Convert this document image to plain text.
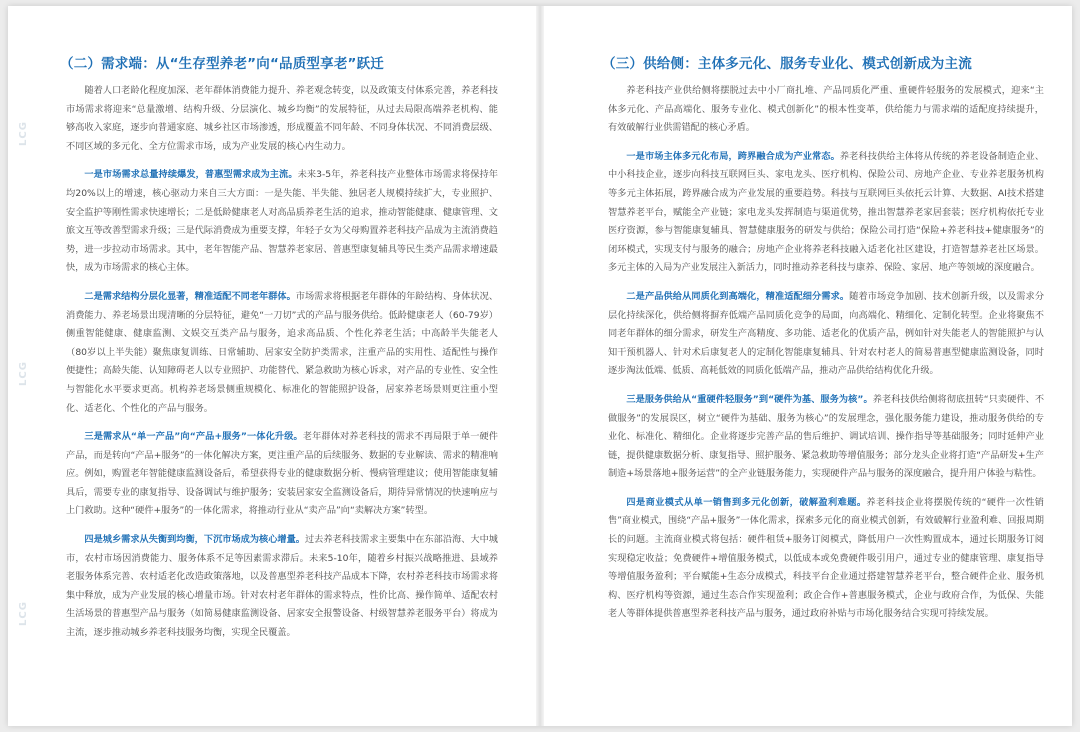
LCG
LCG
LCG
（二）需求端：从“生存型养老”向“品质型享老”跃迁

随着人口老龄化程度加深、老年群体消费能力提升、养老观念转变，以及政策支付体系完善，养老科技市场需求将迎来“总量激增、结构升级、分层演化、城乡均衡”的发展特征，从过去局限高端养老机构、能够高收入家庭，逐步向普通家庭、城乡社区市场渗透，形成覆盖不同年龄、不同身体状况、不同消费层级、不同区域的多元化、全方位需求市场，成为产业发展的核心内生动力。

一是市场需求总量持续爆发，普惠型需求成为主流。未来3-5年，养老科技产业整体市场需求将保持年均20%以上的增速，核心驱动力来自三大方面：一是失能、半失能、独居老人规模持续扩大，专业照护、安全监护等刚性需求快速增长；二是低龄健康老人对高品质养老生活的追求，推动智能健康、健康管理、文旅文互等改善型需求升级；三是代际消费成为重要支撑，年轻子女为父母购置养老科技产品成为主流消费趋势，进一步拉动市场需求。其中，老年智能产品、智慧养老家居、普惠型康复辅具等民生类产品需求增速最快，成为市场需求的核心主体。

二是需求结构分层化显著，精准适配不同老年群体。市场需求将根据老年群体的年龄结构、身体状况、消费能力、养老场景出现清晰的分层特征，避免“一刀切”式的产品与服务供给。低龄健康老人（60-79岁）侧重智能健康、健康监测、文娱交互类产品与服务，追求高品质、个性化养老生活；中高龄半失能老人（80岁以上半失能）聚焦康复训练、日常辅助、居家安全防护类需求，注重产品的实用性、适配性与操作便捷性；高龄失能、认知障碍老人以专业照护、功能替代、紧急救助为核心诉求，对产品的专业性、安全性与智能化水平要求更高。机构养老场景侧重规模化、标准化的智能照护设备，居家养老场景则更注重小型化、适老化、个性化的产品与服务。

三是需求从“单一产品”向“产品+服务”一体化升级。老年群体对养老科技的需求不再局限于单一硬件产品，而是转向“产品+服务”的一体化解决方案，更注重产品的后续服务、数据的专业解读、需求的精准响应。例如，购置老年智能健康监测设备后，希望获得专业的健康数据分析、慢病管理建议；使用智能康复辅具后，需要专业的康复指导、设备调试与维护服务；安装居家安全监测设备后，期待异常情况的快速响应与上门救助。这种“硬件+服务”的一体化需求，将推动行业从“卖产品”向“卖解决方案”转型。

四是城乡需求从失衡到均衡，下沉市场成为核心增量。过去养老科技需求主要集中在东部沿海、大中城市，农村市场因消费能力、服务体系不足等因素需求滞后。未来5-10年，随着乡村振兴战略推进、县域养老服务体系完善、农村适老化改造政策落地，以及普惠型养老科技产品成本下降，农村养老科技市场需求将集中释放，成为产业发展的核心增量市场。针对农村老年群体的需求特点，性价比高、操作简单、适配农村生活场景的普惠型产品与服务（如简易健康监测设备、居家安全报警设备、村级智慧养老服务平台）将成为主流，逐步推动城乡养老科技服务均衡，实现全民覆盖。

（三）供给侧：主体多元化、服务专业化、模式创新成为主流

养老科技产业供给侧将摆脱过去中小厂商扎堆、产品同质化严重、重硬件轻服务的发展模式，迎来“主体多元化、产品高端化、服务专业化、模式创新化”的根本性变革，供给能力与需求端的适配度持续提升，有效破解行业供需错配的核心矛盾。

一是市场主体多元化布局，跨界融合成为产业常态。养老科技供给主体将从传统的养老设备制造企业、中小科技企业，逐步向科技互联网巨头、家电龙头、医疗机构、保险公司、房地产企业、专业养老服务机构等多元主体拓展，跨界融合成为产业发展的重要趋势。科技与互联网巨头依托云计算、大数据、AI技术搭建智慧养老平台，赋能全产业链；家电龙头发挥制造与渠道优势，推出智慧养老家居套装；医疗机构依托专业医疗资源，参与智能康复辅具、智慧健康服务的研发与供给；保险公司打造“保险+养老科技+健康服务”的闭环模式，实现支付与服务的融合；房地产企业将养老科技融入适老化社区建设，打造智慧养老社区场景。多元主体的入局为产业发展注入新活力，同时推动养老科技与康养、保险、家居、地产等领域的深度融合。

二是产品供给从同质化到高端化，精准适配细分需求。随着市场竞争加剧、技术创新升级，以及需求分层化持续深化，供给侧将摒弃低端产品同质化竞争的局面，向高端化、精细化、定制化转型。企业将聚焦不同老年群体的细分需求，研发生产高精度、多功能、适老化的优质产品，例如针对失能老人的智能照护与认知干预机器人、针对术后康复老人的定制化智能康复辅具、针对农村老人的简易普惠型健康监测设备，同时逐步淘汰低端、低质、高耗低效的同质化低端产品，推动产品供给结构优化升级。

三是服务供给从“重硬件轻服务”到“硬件为基、服务为核”。养老科技供给侧将彻底扭转“只卖硬件、不做服务”的发展误区，树立“硬件为基础、服务为核心”的发展理念，强化服务能力建设，推动服务供给的专业化、标准化、精细化。企业将逐步完善产品的售后维护、调试培训、操作指导等基础服务；同时延伸产业链，提供健康数据分析、康复指导、照护服务、紧急救助等增值服务；部分龙头企业将打造“产品研发+生产制造+场景落地+服务运营”的全产业链服务能力，实现硬件产品与服务的深度融合，提升用户体验与粘性。

四是商业模式从单一销售到多元化创新，破解盈利难题。养老科技企业将摆脱传统的“硬件一次性销售”商业模式，围绕“产品+服务”一体化需求，探索多元化的商业模式创新，有效破解行业盈利难、回报周期长的问题。主流商业模式将包括：硬件租赁+服务订阅模式，降低用户一次性购置成本，通过长期服务订阅实现稳定收益；免费硬件+增值服务模式，以低成本或免费硬件吸引用户，通过专业的健康管理、康复指导等增值服务盈利；平台赋能+生态分成模式，科技平台企业通过搭建智慧养老平台，整合硬件企业、服务机构、医疗机构等资源，通过生态合作实现盈利；政企合作+普惠服务模式，企业与政府合作，为低保、失能老人等群体提供普惠型养老科技产品与服务，通过政府补贴与市场化服务结合实现可持续发展。
